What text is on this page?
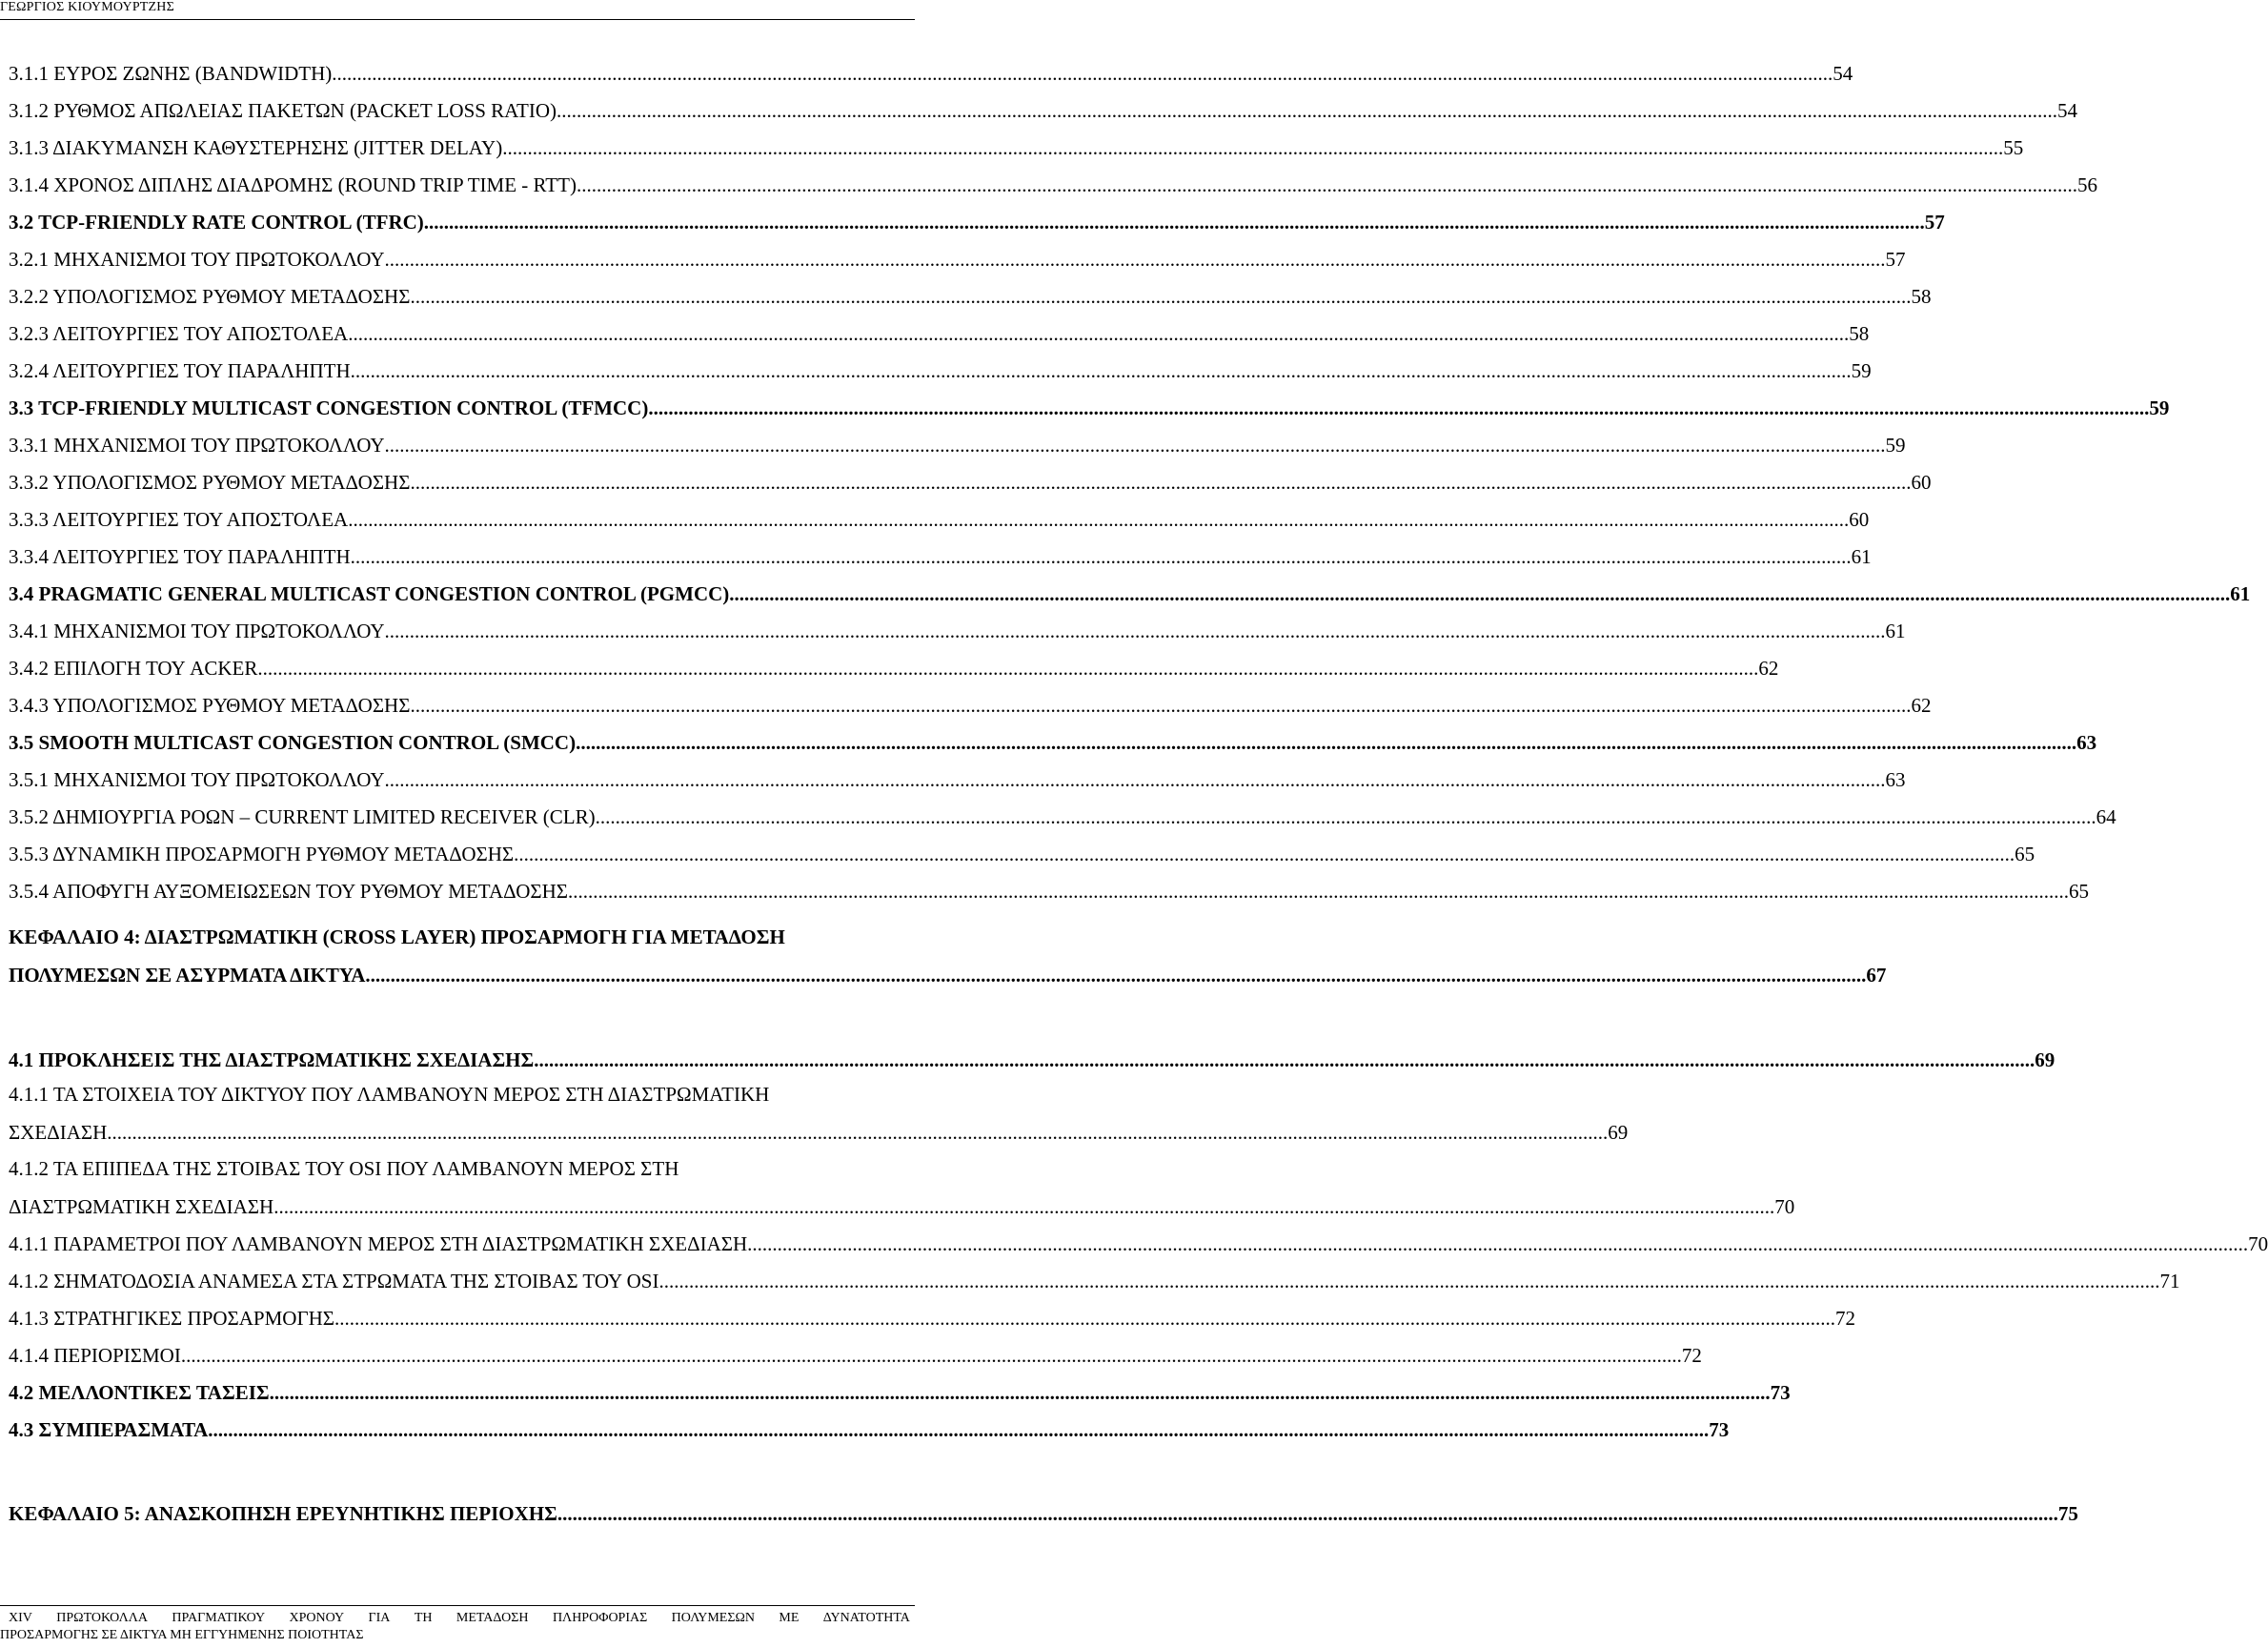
ΓΕΩΡΓΙΟΣ ΚΙΟΥΜΟΥΡΤΖΗΣ
3.1.1 ΕΥΡΟΣ ΖΩΝΗΣ (BANDWIDTH) ............................................................................................................................................................................................................................................................................................................ 54
3.1.2 ΡΥΘΜΟΣ ΑΠΩΛΕΙΑΣ ΠΑΚΕΤΩΝ (PACKET LOSS RATIO) ............................................................................................................................................................................................................................................................................................................ 54
3.1.3 ΔΙΑΚΥΜΑΝΣΗ ΚΑΘΥΣΤΕΡΗΣΗΣ (JITTER DELAY) ............................................................................................................................................................................................................................................................................................................ 55
3.1.4 ΧΡΟΝΟΣ ΔΙΠΛΗΣ ΔΙΑΔΡΟΜΗΣ (ROUND TRIP TIME - RTT) ............................................................................................................................................................................................................................................................................................................ 56
3.2 TCP-FRIENDLY RATE CONTROL (TFRC) ............................................................................................................................................................................................................................................................................................................ 57
3.2.1 ΜΗΧΑΝΙΣΜΟΙ ΤΟΥ ΠΡΩΤΟΚΟΛΛΟΥ ............................................................................................................................................................................................................................................................................................................ 57
3.2.2 ΥΠΟΛΟΓΙΣΜΟΣ ΡΥΘΜΟΥ ΜΕΤΑΔΟΣΗΣ ............................................................................................................................................................................................................................................................................................................ 58
3.2.3 ΛΕΙΤΟΥΡΓΙΕΣ ΤΟΥ ΑΠΟΣΤΟΛΕΑ ............................................................................................................................................................................................................................................................................................................ 58
3.2.4 ΛΕΙΤΟΥΡΓΙΕΣ ΤΟΥ ΠΑΡΑΛΗΠΤΗ ............................................................................................................................................................................................................................................................................................................ 59
3.3 TCP-FRIENDLY MULTICAST CONGESTION CONTROL (TFMCC) ............................................................................................................................................................................................................................................................................................................ 59
3.3.1 ΜΗΧΑΝΙΣΜΟΙ ΤΟΥ ΠΡΩΤΟΚΟΛΛΟΥ ............................................................................................................................................................................................................................................................................................................ 59
3.3.2 ΥΠΟΛΟΓΙΣΜΟΣ ΡΥΘΜΟΥ ΜΕΤΑΔΟΣΗΣ ............................................................................................................................................................................................................................................................................................................ 60
3.3.3 ΛΕΙΤΟΥΡΓΙΕΣ ΤΟΥ ΑΠΟΣΤΟΛΕΑ ............................................................................................................................................................................................................................................................................................................ 60
3.3.4 ΛΕΙΤΟΥΡΓΙΕΣ ΤΟΥ ΠΑΡΑΛΗΠΤΗ ............................................................................................................................................................................................................................................................................................................ 61
3.4 PRAGMATIC GENERAL MULTICAST CONGESTION CONTROL (PGMCC) ............................................................................................................................................................................................................................................................................................................ 61
3.4.1 ΜΗΧΑΝΙΣΜΟΙ ΤΟΥ ΠΡΩΤΟΚΟΛΛΟΥ ............................................................................................................................................................................................................................................................................................................ 61
3.4.2 ΕΠΙΛΟΓΗ ΤΟΥ ACKER ............................................................................................................................................................................................................................................................................................................ 62
3.4.3 ΥΠΟΛΟΓΙΣΜΟΣ ΡΥΘΜΟΥ ΜΕΤΑΔΟΣΗΣ ............................................................................................................................................................................................................................................................................................................ 62
3.5 SMOOTH MULTICAST CONGESTION CONTROL (SMCC) ............................................................................................................................................................................................................................................................................................................ 63
3.5.1 ΜΗΧΑΝΙΣΜΟΙ ΤΟΥ ΠΡΩΤΟΚΟΛΛΟΥ ............................................................................................................................................................................................................................................................................................................ 63
3.5.2 ΔΗΜΙΟΥΡΓΙΑ ΡΟΩΝ – CURRENT LIMITED RECEIVER (CLR) ............................................................................................................................................................................................................................................................................................................ 64
3.5.3 ΔΥΝΑΜΙΚΗ ΠΡΟΣΑΡΜΟΓΗ ΡΥΘΜΟΥ ΜΕΤΑΔΟΣΗΣ ............................................................................................................................................................................................................................................................................................................ 65
3.5.4 ΑΠΟΦΥΓΗ ΑΥΞΟΜΕΙΩΣΕΩΝ ΤΟΥ ΡΥΘΜΟΥ ΜΕΤΑΔΟΣΗΣ ............................................................................................................................................................................................................................................................................................................ 65
ΚΕΦΑΛΑΙΟ 4: ΔΙΑΣΤΡΩΜΑΤΙΚΗ (CROSS LAYER) ΠΡΟΣΑΡΜΟΓΗ ΓΙΑ ΜΕΤΑΔΟΣΗ
ΠΟΛΥΜΕΣΩΝ ΣΕ ΑΣΥΡΜΑΤΑ ΔΙΚΤΥΑ ............................................................................................................................................................................................................................................................................................................ 67
4.1 ΠΡΟΚΛΗΣΕΙΣ ΤΗΣ ΔΙΑΣΤΡΩΜΑΤΙΚΗΣ ΣΧΕΔΙΑΣΗΣ ............................................................................................................................................................................................................................................................................................................ 69
4.1.1 ΤΑ ΣΤΟΙΧΕΙΑ ΤΟΥ ΔΙΚΤΥΟΥ ΠΟΥ ΛΑΜΒΑΝΟΥΝ ΜΕΡΟΣ ΣΤΗ ΔΙΑΣΤΡΩΜΑΤΙΚΗ
ΣΧΕΔΙΑΣΗ ............................................................................................................................................................................................................................................................................................................ 69
4.1.2 ΤΑ ΕΠΙΠΕΔΑ ΤΗΣ ΣΤΟΙΒΑΣ ΤΟΥ OSI ΠΟΥ ΛΑΜΒΑΝΟΥΝ ΜΕΡΟΣ ΣΤΗ
ΔΙΑΣΤΡΩΜΑΤΙΚΗ ΣΧΕΔΙΑΣΗ ............................................................................................................................................................................................................................................................................................................ 70
4.1.1 ΠΑΡΑΜΕΤΡΟΙ ΠΟΥ ΛΑΜΒΑΝΟΥΝ ΜΕΡΟΣ ΣΤΗ ΔΙΑΣΤΡΩΜΑΤΙΚΗ ΣΧΕΔΙΑΣΗ ............................................................................................................................................................................................................................................................................................................ 70
4.1.2 ΣΗΜΑΤΟΔΟΣΙΑ ΑΝΑΜΕΣΑ ΣΤΑ ΣΤΡΩΜΑΤΑ ΤΗΣ ΣΤΟΙΒΑΣ ΤΟΥ OSI ............................................................................................................................................................................................................................................................................................................ 71
4.1.3 ΣΤΡΑΤΗΓΙΚΕΣ ΠΡΟΣΑΡΜΟΓΗΣ ............................................................................................................................................................................................................................................................................................................ 72
4.1.4 ΠΕΡΙΟΡΙΣΜΟΙ ............................................................................................................................................................................................................................................................................................................ 72
4.2 ΜΕΛΛΟΝΤΙΚΕΣ ΤΑΣΕΙΣ ............................................................................................................................................................................................................................................................................................................ 73
4.3 ΣΥΜΠΕΡΑΣΜΑΤΑ ............................................................................................................................................................................................................................................................................................................ 73
ΚΕΦΑΛΑΙΟ 5: ΑΝΑΣΚΟΠΗΣΗ ΕΡΕΥΝΗΤΙΚΗΣ ΠΕΡΙΟΧΗΣ ............................................................................................................................................................................................................................................................................................................ 75
XIV ΠΡΩΤΟΚΟΛΛΑ ΠΡΑΓΜΑΤΙΚΟΥ ΧΡΟΝΟΥ ΓΙΑ ΤΗ ΜΕΤΑΔΟΣΗ ΠΛΗΡΟΦΟΡΙΑΣ ΠΟΛΥΜΕΣΩΝ ΜΕ ΔΥΝΑΤΟΤΗΤΑ
ΠΡΟΣΑΡΜΟΓΗΣ ΣΕ ΔΙΚΤΥΑ ΜΗ ΕΓΓΥΗΜΕΝΗΣ ΠΟΙΟΤΗΤΑΣ
